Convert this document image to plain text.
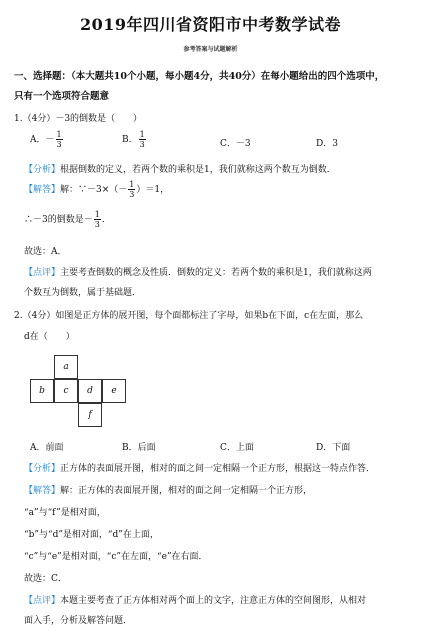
2019年四川省资阳市中考数学试卷
参考答案与试题解析
一、选择题：（本大题共10个小题，每小题4分，共40分）在每小题给出的四个选项中，
只有一个选项符合题意
1.（4分）－3的倒数是（　　）
A．－ $\frac{1}{3}$	B． $\frac{1}{3}$	C．－3	D．3
【分析】根据倒数的定义，若两个数的乘积是1，我们就称这两个数互为倒数．
【解答】解：∵－3×（－ $\frac{1}{3} )=1$，
∴－3的倒数是－ $\frac{1}{3}$ ．
故选：A．
【点评】主要考查倒数的概念及性质．倒数的定义：若两个数的乘积是1，我们就称这两
个数互为倒数，属于基础题．
2.（4分）如图是正方体的展开图，每个面都标注了字母，如果b在下面，c在左面，那么
d在（　　）
a
b	c	d	e
f
A．前面	B．后面	C．上面	D．下面
【分析】正方体的表面展开图，相对的面之间一定相隔一个正方形，根据这一特点作答．
【解答】解：正方体的表面展开图，相对的面之间一定相隔一个正方形，
“a”与“f”是相对面，
“b”与“d”是相对面，“d”在上面，
“c”与“e”是相对面，“c”在左面，“e”在右面．
故选：C．
【点评】本题主要考查了正方体相对两个面上的文字，注意正方体的空间图形，从相对
面入手，分析及解答问题．
